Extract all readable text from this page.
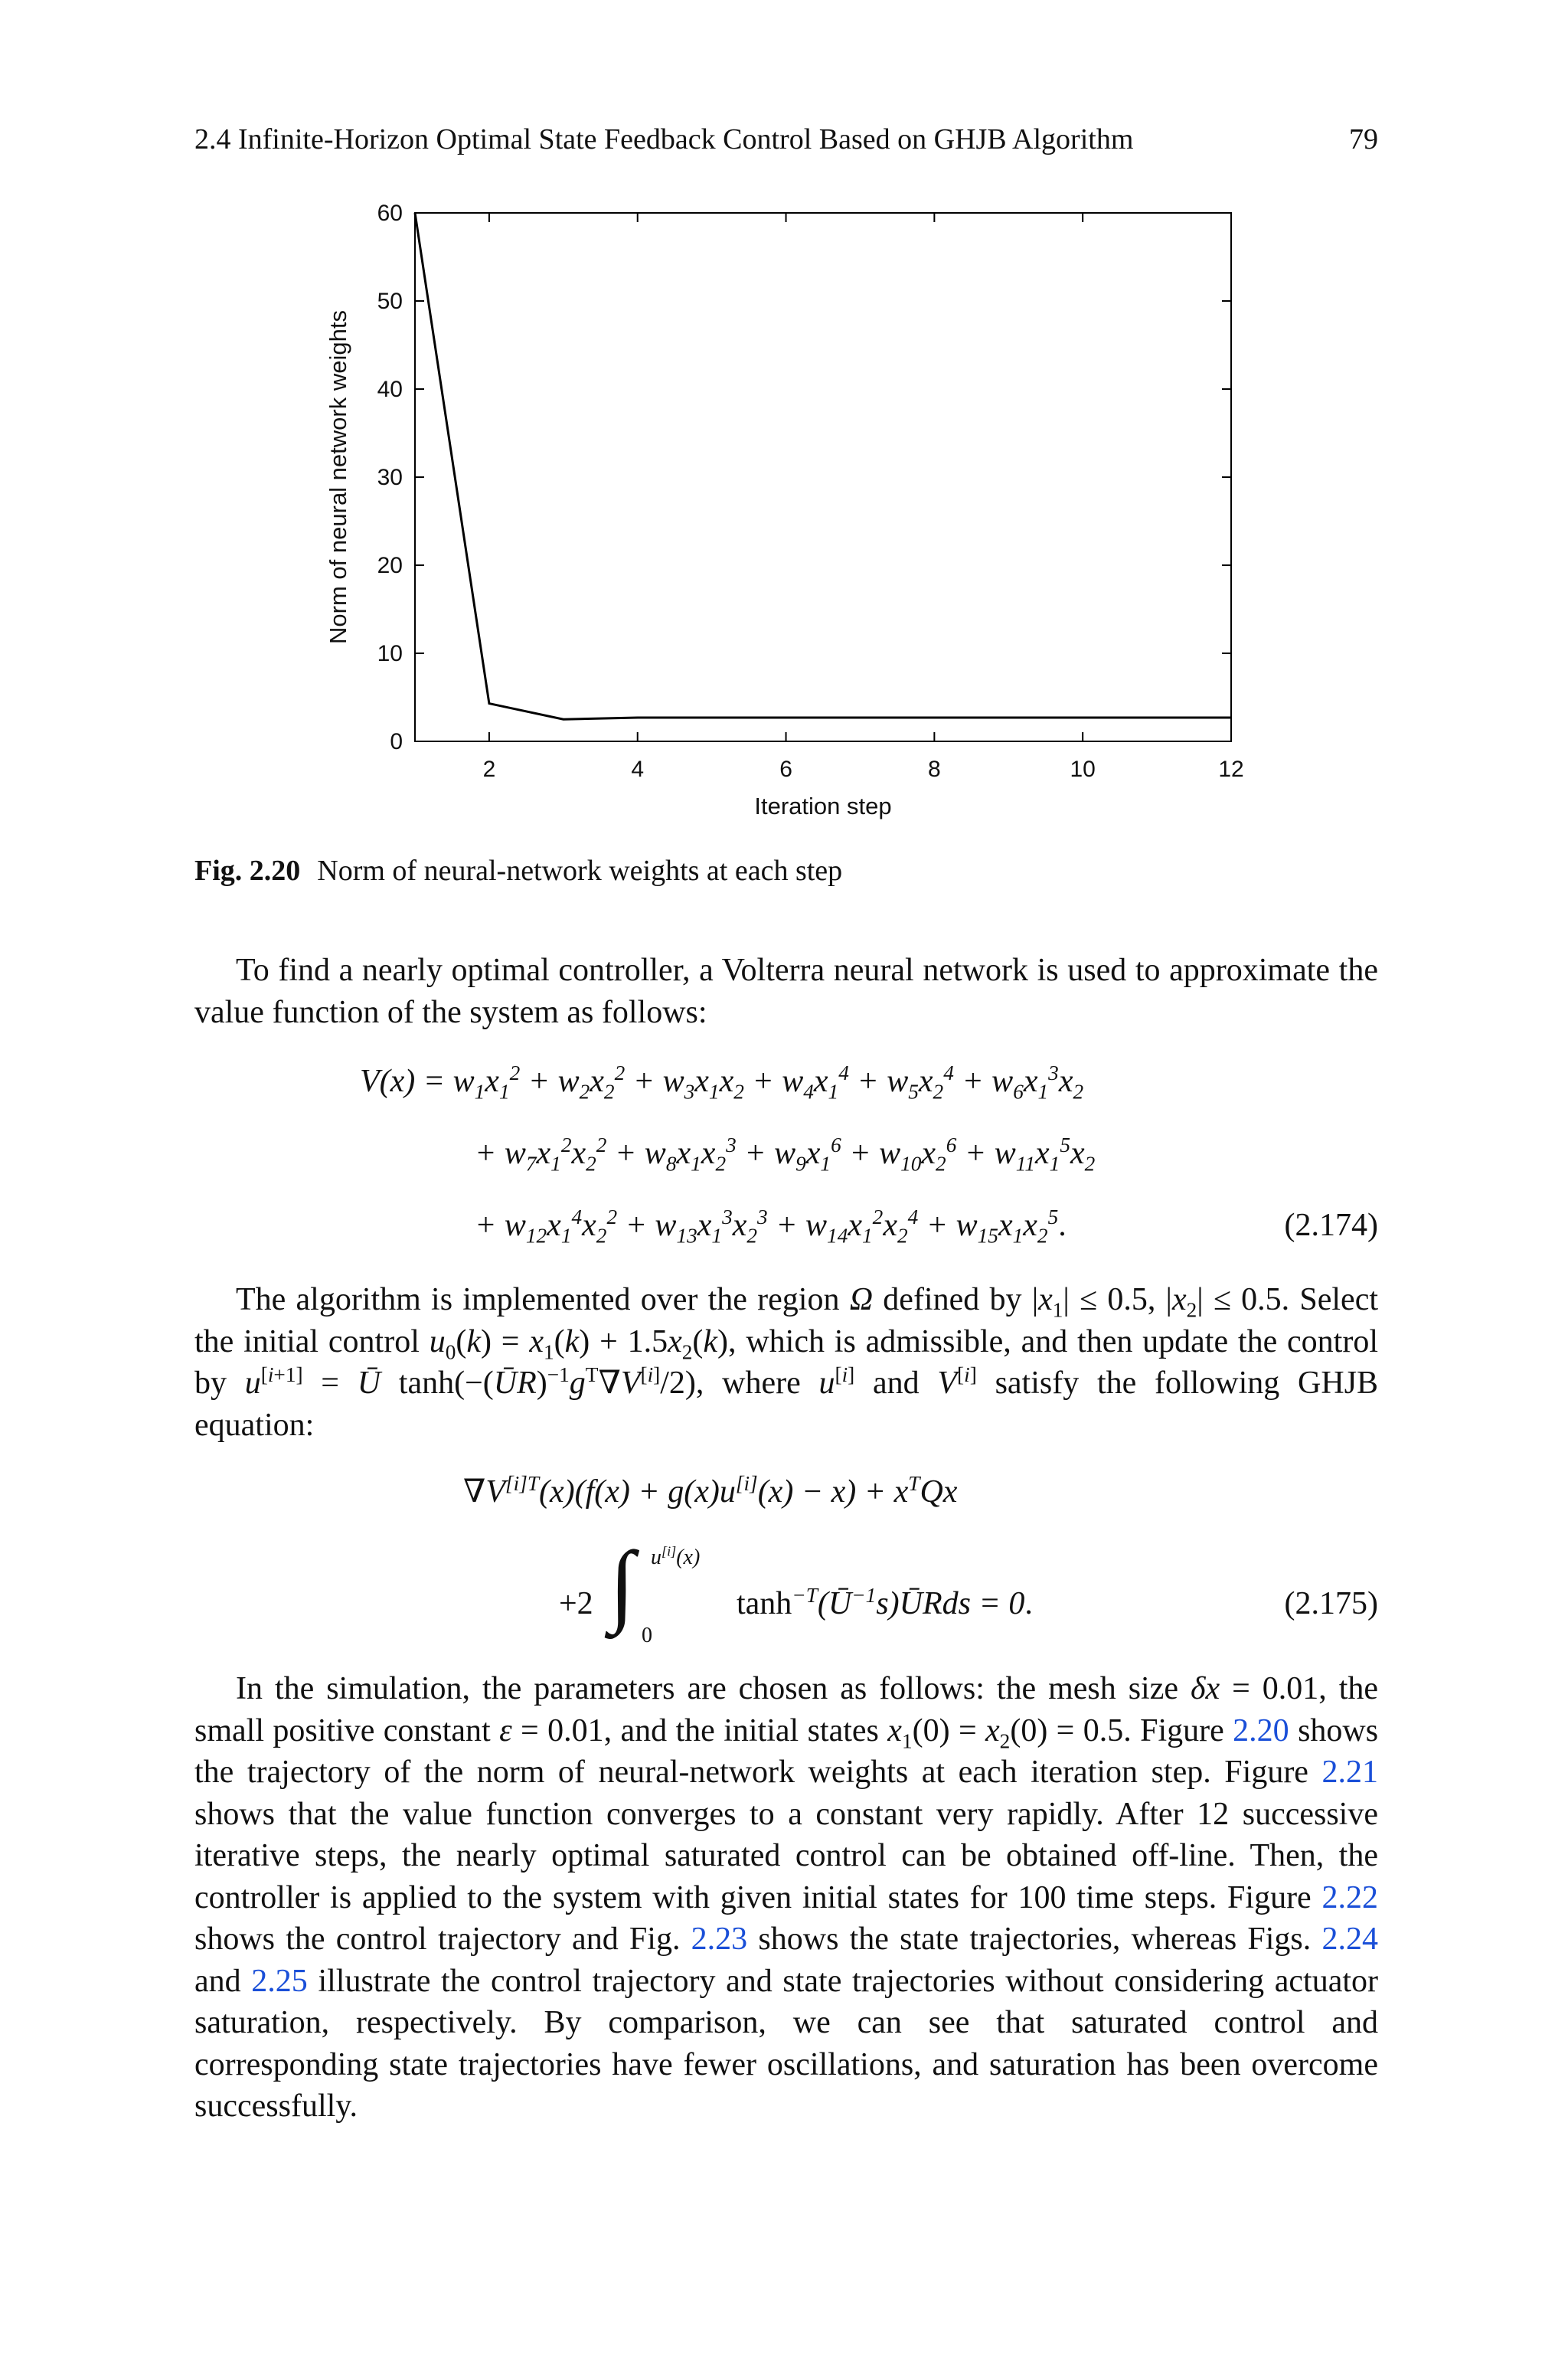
2.4 Infinite-Horizon Optimal State Feedback Control Based on GHJB Algorithm	79
2	4	6	8	10	12
0
10
20
30
40
50
60
Iteration step
Norm of neural network weights
Fig. 2.20 Norm of neural-network weights at each step

To find a nearly optimal controller, a Volterra neural network is used to approximate the value function of the system as follows:

$V(x) = w_1x_1^2 + w_2x_2^2 + w_3x_1x_2 + w_4x_1^4 + w_5x_2^4 + w_6x_1^3x_2$
+ $w_7x_1^2x_2^2 + w_8x_1x_2^3 + w_9x_1^6 + w_{10}x_2^6 + w_{11}x_1^5x_2$
+ $w_{12}x_1^4x_2^2 + w_{13}x_1^3x_2^3 + w_{14}x_1^2x_2^4 + w_{15}x_1x_2^5$.	(2.174)

The algorithm is implemented over the region Ω defined by $|x_1| \le 0.5$, $|x_2| \le 0.5$. Select the initial control $u_0(k) = x_1(k) + 1.5x_2(k)$, which is admissible, and then update the control by u[i+1] = Ū $\tanh(-(ŪR)^{-1}g^T\nabla V[i]/2)$, where u[i] and V[i] satisfy the following GHJB equation:

$\nabla V^{[i]T}(x)(f(x) + g(x)u[i](x) - x) + x^TQx$
+2 ∫ u[i](x)
0
$\tanh^{-T}(Ū^{-1}s)ŪRds = 0$.	(2.175)

In the simulation, the parameters are chosen as follows: the mesh size δx = 0.01, the small positive constant ε = 0.01, and the initial states $x_1(0) = x_2(0) = 0.5$. Figure 2.20 shows the trajectory of the norm of neural-network weights at each iteration step. Figure 2.21 shows that the value function converges to a constant very rapidly. After 12 successive iterative steps, the nearly optimal saturated control can be obtained off-line. Then, the controller is applied to the system with given initial states for 100 time steps. Figure 2.22 shows the control trajectory and Fig. 2.23 shows the state trajectories, whereas Figs. 2.24 and 2.25 illustrate the control trajectory and state trajectories without considering actuator saturation, respectively. By comparison, we can see that saturated control and corresponding state trajectories have fewer oscillations, and saturation has been overcome successfully.
